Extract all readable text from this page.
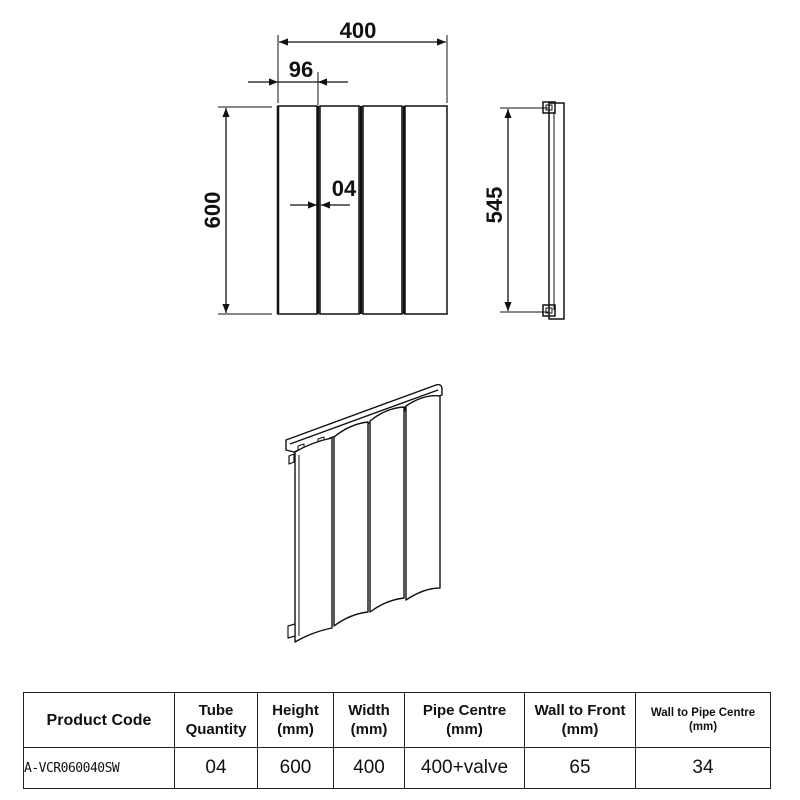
400
96
04
600	545
Product Code	Tube Quantity	Height (mm)	Width (mm)	Pipe Centre (mm)	Wall to Front (mm)	Wall to Pipe Centre (mm)
A-VCR060040SW	04	600	400	400+valve	65	34
